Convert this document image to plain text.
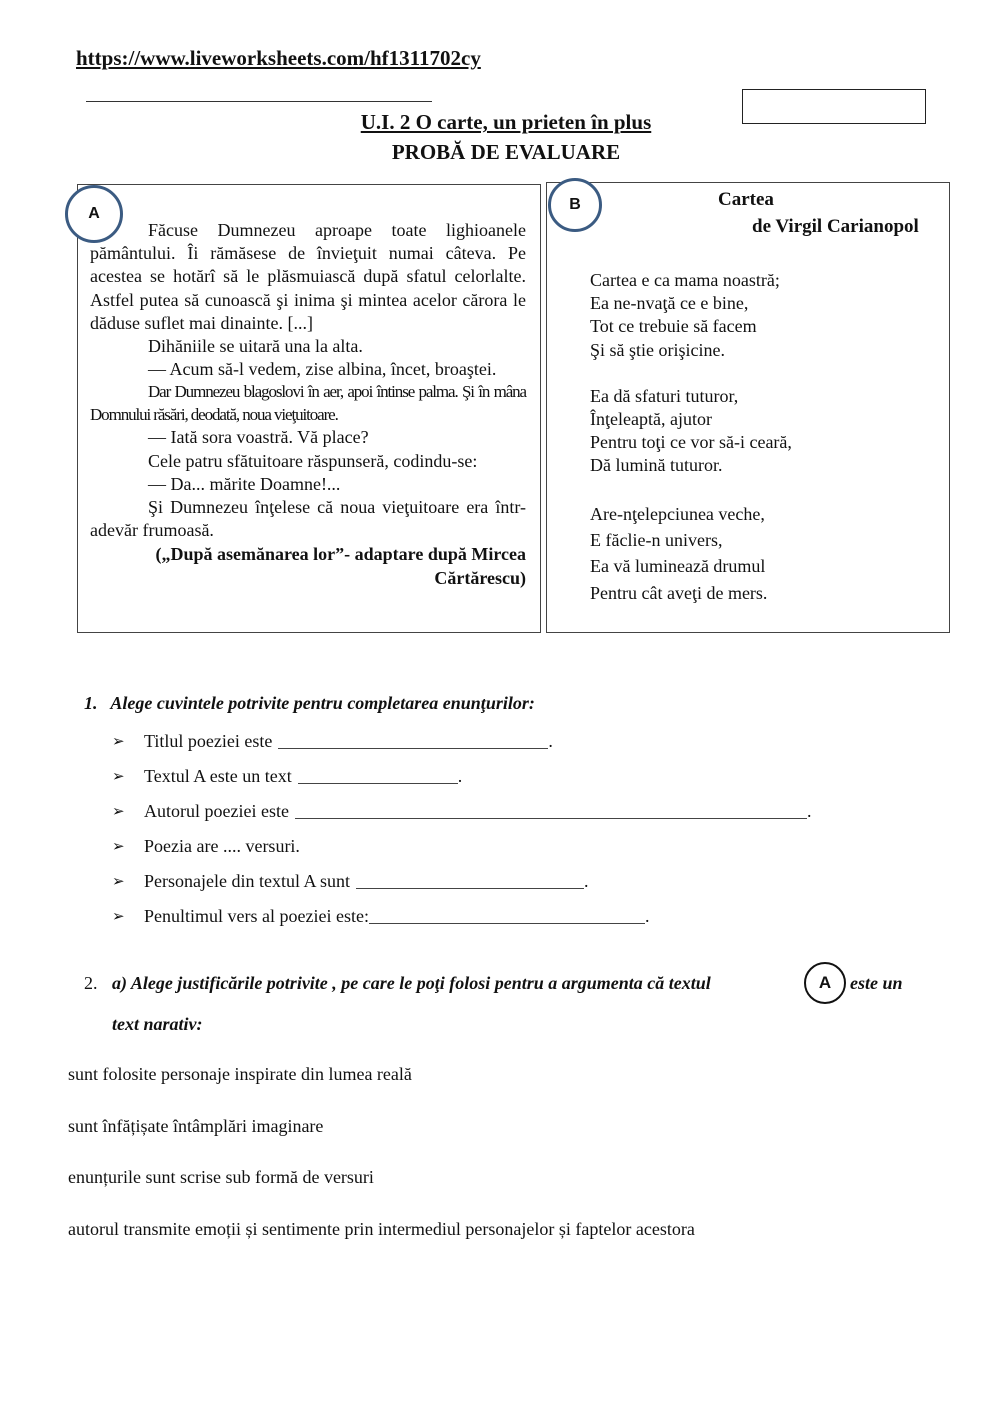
https://www.liveworksheets.com/hf1311702cy
U.I. 2 O carte, un prieten în plus
PROBĂ DE EVALUARE
A

Făcuse Dumnezeu aproape toate lighioanele pământului. Îi rămăsese de învieţuit numai câteva. Pe acestea se hotărî să le plăsmuiască după sfatul celorlalte. Astfel putea să cunoască şi inima şi mintea acelor cărora le dăduse suflet mai dinainte. [...]

Dihăniile se uitară una la alta.

— Acum să-l vedem, zise albina, încet, broaştei.

Dar Dumnezeu blagoslovi în aer, apoi întinse palma. Şi în mâna Domnului răsări, deodată, noua vieţuitoare.

— Iată sora voastră. Vă place?

Cele patru sfătuitoare răspunseră, codindu-se:

— Da... mărite Doamne!...

Şi Dumnezeu înţelese că noua vieţuitoare era într-adevăr frumoasă.

(„După asemănarea lor”- adaptare după Mircea Cărtărescu)

B	Cartea
de Virgil Carianopol
Cartea e ca mama noastră;
Ea ne-nvaţă ce e bine,
Tot ce trebuie să facem
Şi să ştie orişicine.
Ea dă sfaturi tuturor,
Înţeleaptă, ajutor
Pentru toţi ce vor să-i ceară,
Dă lumină tuturor.
Are-nţelepciunea veche,
E făclie-n univers,
Ea vă luminează drumul
Pentru cât aveţi de mers.
1. Alege cuvintele potrivite pentru completarea enunţurilor:
➢	Titlul poeziei este	.
➢	Textul A este un text	.
➢	Autorul poeziei este	.
➢	Poezia are .... versuri.
➢	Personajele din textul A sunt	.
➢	Penultimul vers al poeziei este:	.
2. a) Alege justificările potrivite , pe care le poţi folosi pentru a argumenta că textul
text narativ:
A	este un
sunt folosite personaje inspirate din lumea reală
sunt înfățișate întâmplări imaginare
enunțurile sunt scrise sub formă de versuri
autorul transmite emoții și sentimente prin intermediul personajelor și faptelor acestora
